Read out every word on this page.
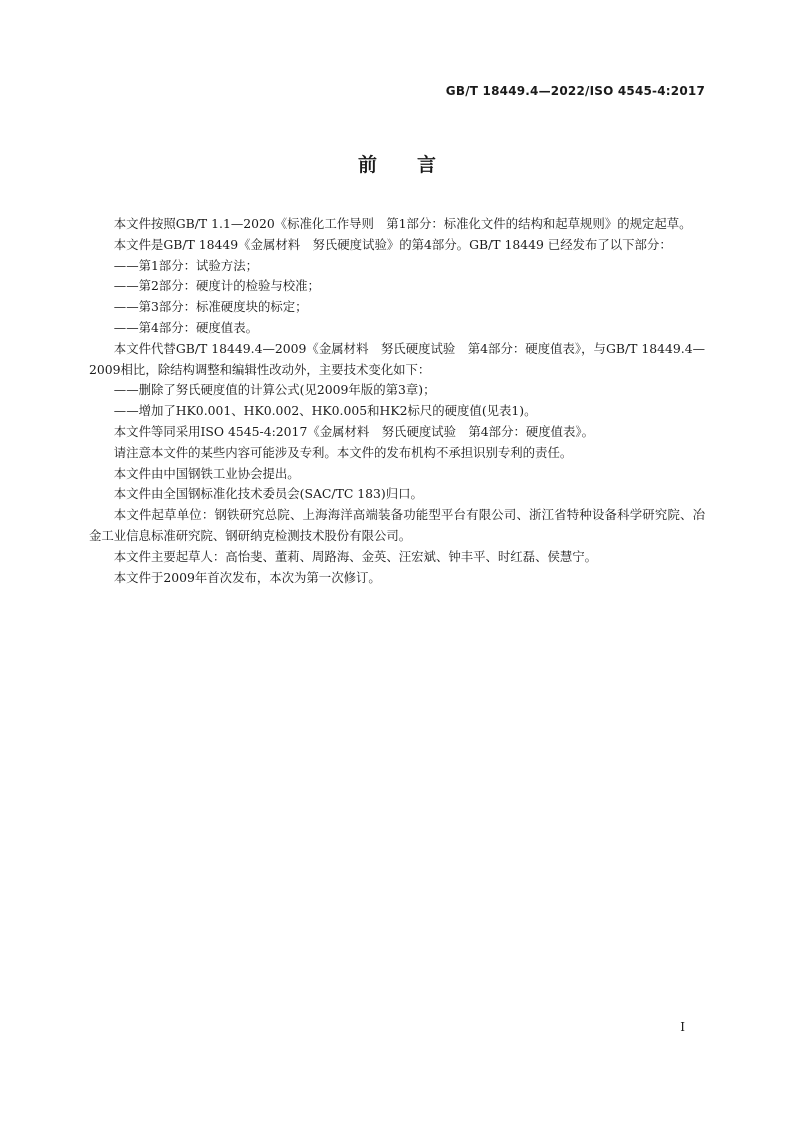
GB/T 18449.4—2022/ISO 4545-4:2017
前言

本文件按照GB/T 1.1—2020《标准化工作导则　第1部分：标准化文件的结构和起草规则》的规定起草。

本文件是GB/T 18449《金属材料　努氏硬度试验》的第4部分。GB/T 18449 已经发布了以下部分：

——第1部分：试验方法；

——第2部分：硬度计的检验与校准；

——第3部分：标准硬度块的标定；

——第4部分：硬度值表。

本文件代替GB/T 18449.4—2009《金属材料　努氏硬度试验　第4部分：硬度值表》，与GB/T 18449.4—2009相比，除结构调整和编辑性改动外，主要技术变化如下：

——删除了努氏硬度值的计算公式(见2009年版的第3章)；

——增加了HK0.001、HK0.002、HK0.005和HK2标尺的硬度值(见表1)。

本文件等同采用ISO 4545-4:2017《金属材料　努氏硬度试验　第4部分：硬度值表》。

请注意本文件的某些内容可能涉及专利。本文件的发布机构不承担识别专利的责任。

本文件由中国钢铁工业协会提出。

本文件由全国钢标准化技术委员会(SAC/TC 183)归口。

本文件起草单位：钢铁研究总院、上海海洋高端装备功能型平台有限公司、浙江省特种设备科学研究院、冶金工业信息标准研究院、钢研纳克检测技术股份有限公司。

本文件主要起草人：高怡斐、董莉、周路海、金英、汪宏斌、钟丰平、时红磊、侯慧宁。

本文件于2009年首次发布，本次为第一次修订。

I
